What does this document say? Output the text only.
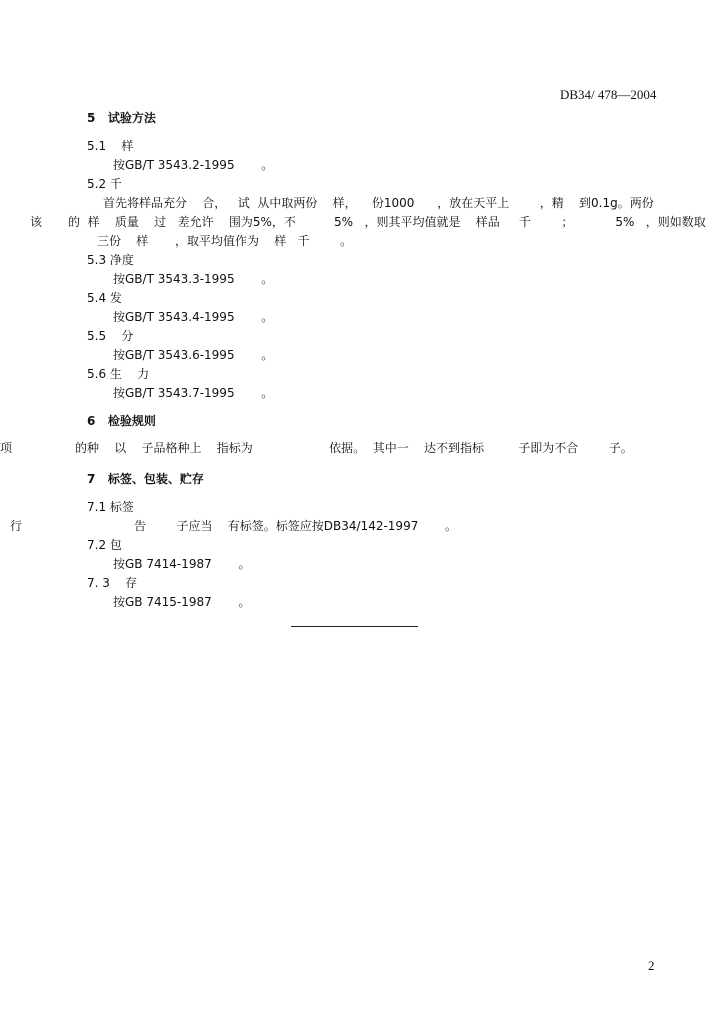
DB34/ 478—2004
5   试验方法
5.1    样
按GB/T 3543.2-1995       。
5.2 千
首先将样品充分    合，   试  从中取两份    样，    份1000      ，放在天平上        ，精    到0.1g。两份
该 的  样    质量    过   差允许    围为5%，不          5%   ，则其平均值就是    样品     千        ；           5%   ，则如数取
三份    样       ，取平均值作为    样   千        。
5.3 净度
按GB/T 3543.3-1995       。
5.4 发
按GB/T 3543.4-1995       。
5.5    分
按GB/T 3543.6-1995       。
5.6 生    力
按GB/T 3543.7-1995       。
6   检验规则
项	的种    以    子品格种上    指标为                    依据。  其中一    达不到指标         子即为不合        子。
7   标签、包装、贮存
7.1 标签
行	告        子应当    有标签。标签应按DB34/142-1997       。
7.2 包
按GB 7414-1987       。
7. 3    存
按GB 7415-1987       。
2
